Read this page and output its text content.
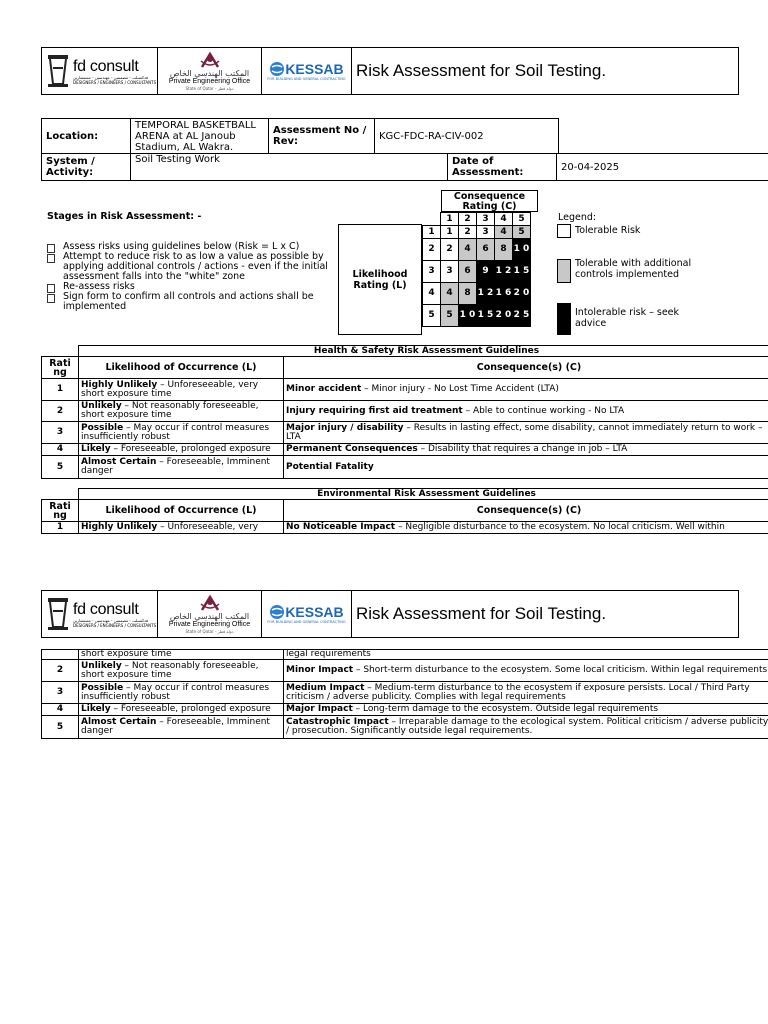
fd consult
فدكنسلت - مصممين - مهندسين - مستشارين
DESIGNERS / ENGINEERS / CONSULTANTS
المكتب الهندسي الخاص
Private Engineering Office
State of Qatar - دولة قطر
KESSAB
FOR BUILDING AND GENERAL CONTRACTING Risk Assessment for Soil Testing.
Location:	TEMPORAL BASKETBALL ARENA at AL Janoub Stadium, AL Wakra.	Assessment No / Rev:	KGC-FDC-RA-CIV-002
System / Activity:	Soil Testing Work	Date of Assessment:	20-04-2025
Stages in Risk Assessment: -
Assess risks using guidelines below (Risk = L x C)
Attempt to reduce risk to as low a value as possible by applying additional controls / actions - even if the initial assessment falls into the "white" zone
Re-assess risks
Sign form to confirm all controls and actions shall be implemented
Likelihood Rating (L)
Consequence Rating (C)
	1	2	3	4	5
1	1	2	3	4	5
2	2	4	6	8	1 0
3	3	6	9	1 2	1 5
4	4	8	1 2	1 6	2 0
5	5	1 0	1 5	2 0	2 5
Legend:
Tolerable Risk
Tolerable with additional controls implemented
Intolerable risk – seek advice
	Health & Safety Risk Assessment Guidelines	
Rati ng	Likelihood of Occurrence (L)	Consequence(s) (C)
1	Highly Unlikely – Unforeseeable, very short exposure time	Minor accident – Minor injury - No Lost Time Accident (LTA)
2	Unlikely – Not reasonably foreseeable, short exposure time	Injury requiring first aid treatment – Able to continue working - No LTA
3	Possible – May occur if control measures insufficiently robust	Major injury / disability – Results in lasting effect, some disability, cannot immediately return to work – LTA
4	Likely – Foreseeable, prolonged exposure	Permanent Consequences – Disability that requires a change in job – LTA
5	Almost Certain – Foreseeable, Imminent danger	Potential Fatality
	Environmental Risk Assessment Guidelines	
Rati ng	Likelihood of Occurrence (L)	Consequence(s) (C)
1	Highly Unlikely – Unforeseeable, very	No Noticeable Impact – Negligible disturbance to the ecosystem. No local criticism. Well within
fd consult
فدكنسلت - مصممين - مهندسين - مستشارين
DESIGNERS / ENGINEERS / CONSULTANTS
المكتب الهندسي الخاص
Private Engineering Office
State of Qatar - دولة قطر
KESSAB
FOR BUILDING AND GENERAL CONTRACTING Risk Assessment for Soil Testing.
	short exposure time	legal requirements
2	Unlikely – Not reasonably foreseeable, short exposure time	Minor Impact – Short-term disturbance to the ecosystem. Some local criticism. Within legal requirements
3	Possible – May occur if control measures insufficiently robust	Medium Impact – Medium-term disturbance to the ecosystem if exposure persists. Local / Third Party criticism / adverse publicity. Complies with legal requirements
4	Likely – Foreseeable, prolonged exposure	Major Impact – Long-term damage to the ecosystem. Outside legal requirements
5	Almost Certain – Foreseeable, Imminent danger	Catastrophic Impact – Irreparable damage to the ecological system. Political criticism / adverse publicity / prosecution. Significantly outside legal requirements.
